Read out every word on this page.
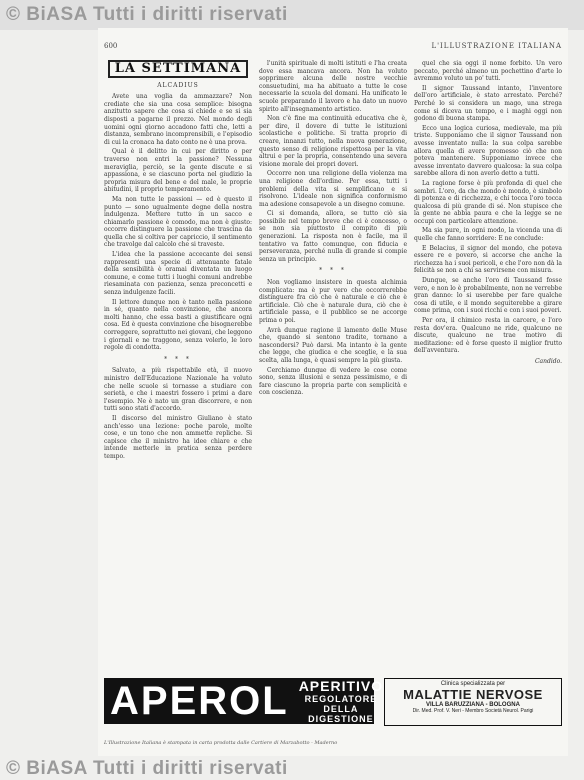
© BiASA Tutti i diritti riservati
600	L'ILLUSTRAZIONE ITALIANA
LA SETTIMANA
ALCADIUS

Avete una voglia da ammazzare? Non crediate che sia una cosa semplice: bisogna anzitutto sapere che cosa si chiede e se si sia disposti a pagarne il prezzo. Nel mondo degli uomini ogni giorno accadono fatti che, letti a distanza, sembrano incomprensibili, e l'episodio di cui la cronaca ha dato conto ne è una prova.

Qual è il delitto in cui per diritto o per traverso non entri la passione? Nessuna meraviglia, perciò, se la gente discute e si appassiona, e se ciascuno porta nel giudizio la propria misura del bene e del male, le proprie abitudini, il proprio temperamento.

Ma non tutte le passioni — ed è questo il punto — sono ugualmente degne della nostra indulgenza. Mettere tutto in un sacco e chiamarlo passione è comodo, ma non è giusto: occorre distinguere la passione che trascina da quella che si coltiva per capriccio, il sentimento che travolge dal calcolo che si traveste.

L'idea che la passione accecante dei sensi rappresenti una specie di attenuante fatale della sensibilità è oramai diventata un luogo comune, e come tutti i luoghi comuni andrebbe riesaminata con pazienza, senza preconcetti e senza indulgenze facili.

Il lettore dunque non è tanto nella passione in sé, quanto nella convinzione, che ancora molti hanno, che essa basti a giustificare ogni cosa. Ed è questa convinzione che bisognerebbe correggere, soprattutto nei giovani, che leggono i giornali e ne traggono, senza volerlo, le loro regole di condotta.

* * *

Salvato, a più rispettabile età, il nuovo ministro dell'Educazione Nazionale ha voluto che nelle scuole si tornasse a studiare con serietà, e che i maestri fossero i primi a dare l'esempio. Ne è nato un gran discorrere, e non tutti sono stati d'accordo.

Il discorso del ministro Giuliano è stato anch'esso una lezione: poche parole, molte cose, e un tono che non ammette repliche. Si capisce che il ministro ha idee chiare e che intende metterle in pratica senza perdere tempo.

l'unità spirituale di molti istituti e l'ha creata dove essa mancava ancora. Non ha voluto sopprimere alcuna delle nostre vecchie consuetudini, ma ha abituato a tutte le cose necessarie la scuola del domani. Ha unificato le scuole preparando il lavoro e ha dato un nuovo spirito all'insegnamento artistico.

Non c'è fine ma continuità educativa che è, per dire, il dovere di tutte le istituzioni scolastiche e politiche. Si tratta proprio di creare, innanzi tutto, nella nuova generazione, questo senso di religione rispettosa per la vita altrui e per la propria, consentendo una severa visione morale dei propri doveri.

Occorre non una religione della violenza ma una religione dell'ordine. Per essa, tutti i problemi della vita si semplificano e si risolvono. L'ideale non significa conformismo ma adesione consapevole a un disegno comune.

Ci si domanda, allora, se tutto ciò sia possibile nel tempo breve che ci è concesso, o se non sia piuttosto il compito di più generazioni. La risposta non è facile, ma il tentativo va fatto comunque, con fiducia e perseveranza, perché nulla di grande si compie senza un principio.

* * *

Non vogliamo insistere in questa alchimia complicata: ma è pur vero che occorrerebbe distinguere fra ciò che è naturale e ciò che è artificiale. Ciò che è naturale dura, ciò che è artificiale passa, e il pubblico se ne accorge prima o poi.

Avrà dunque ragione il lamento delle Muse che, quando si sentono tradite, tornano a nascondersi? Può darsi. Ma intanto è la gente che legge, che giudica e che sceglie, e la sua scelta, alla lunga, è quasi sempre la più giusta.

Cerchiamo dunque di vedere le cose come sono, senza illusioni e senza pessimismo, e di fare ciascuno la propria parte con semplicità e con coscienza.

quel che sia oggi il nome forbito. Un vero peccato, perché almeno un pochettino d'arte lo avremmo voluto un po' tutti.

Il signor Taussand intanto, l'inventore dell'oro artificiale, è stato arrestato. Perché? Perché lo si considera un mago, una strega come si diceva un tempo, e i maghi oggi non godono di buona stampa.

Ecco una logica curiosa, medievale, ma più triste. Supponiamo che il signor Taussand non avesse inventato nulla: la sua colpa sarebbe allora quella di avere promesso ciò che non poteva mantenere. Supponiamo invece che avesse inventato davvero qualcosa: la sua colpa sarebbe allora di non averlo detto a tutti.

La ragione forse è più profonda di quel che sembri. L'oro, da che mondo è mondo, è simbolo di potenza e di ricchezza, e chi tocca l'oro tocca qualcosa di più grande di sé. Non stupisce che la gente ne abbia paura e che la legge se ne occupi con particolare attenzione.

Ma sia pure, in ogni modo, la vicenda una di quelle che fanno sorridere: E ne conclude:

E Belacius, il signor del mondo, che poteva essere re e povero, si accorse che anche la ricchezza ha i suoi pericoli, e che l'oro non dà la felicità se non a chi sa servirsene con misura.

Dunque, se anche l'oro di Taussand fosse vero, e non lo è probabilmente, non ne verrebbe gran danno: lo si userebbe per fare qualche cosa di utile, e il mondo seguiterebbe a girare come prima, con i suoi ricchi e con i suoi poveri.

Per ora, il chimico resta in carcere, e l'oro resta dov'era. Qualcuno ne ride, qualcuno ne discute, qualcuno ne trae motivo di meditazione: ed è forse questo il miglior frutto dell'avventura.

Candido.
APEROL APERITIVO
REGOLATORE
DELLA DIGESTIONE
Clinica specializzata per
MALATTIE NERVOSE
VILLA BARUZZIANA - BOLOGNA
Dir. Med. Prof. V. Neri - Membro Società Neurol. Parigi
L'Illustrazione Italiana è stampata in carta prodotta dalle Cartiere di Marzabotto - Maderno
© BiASA Tutti i diritti riservati
